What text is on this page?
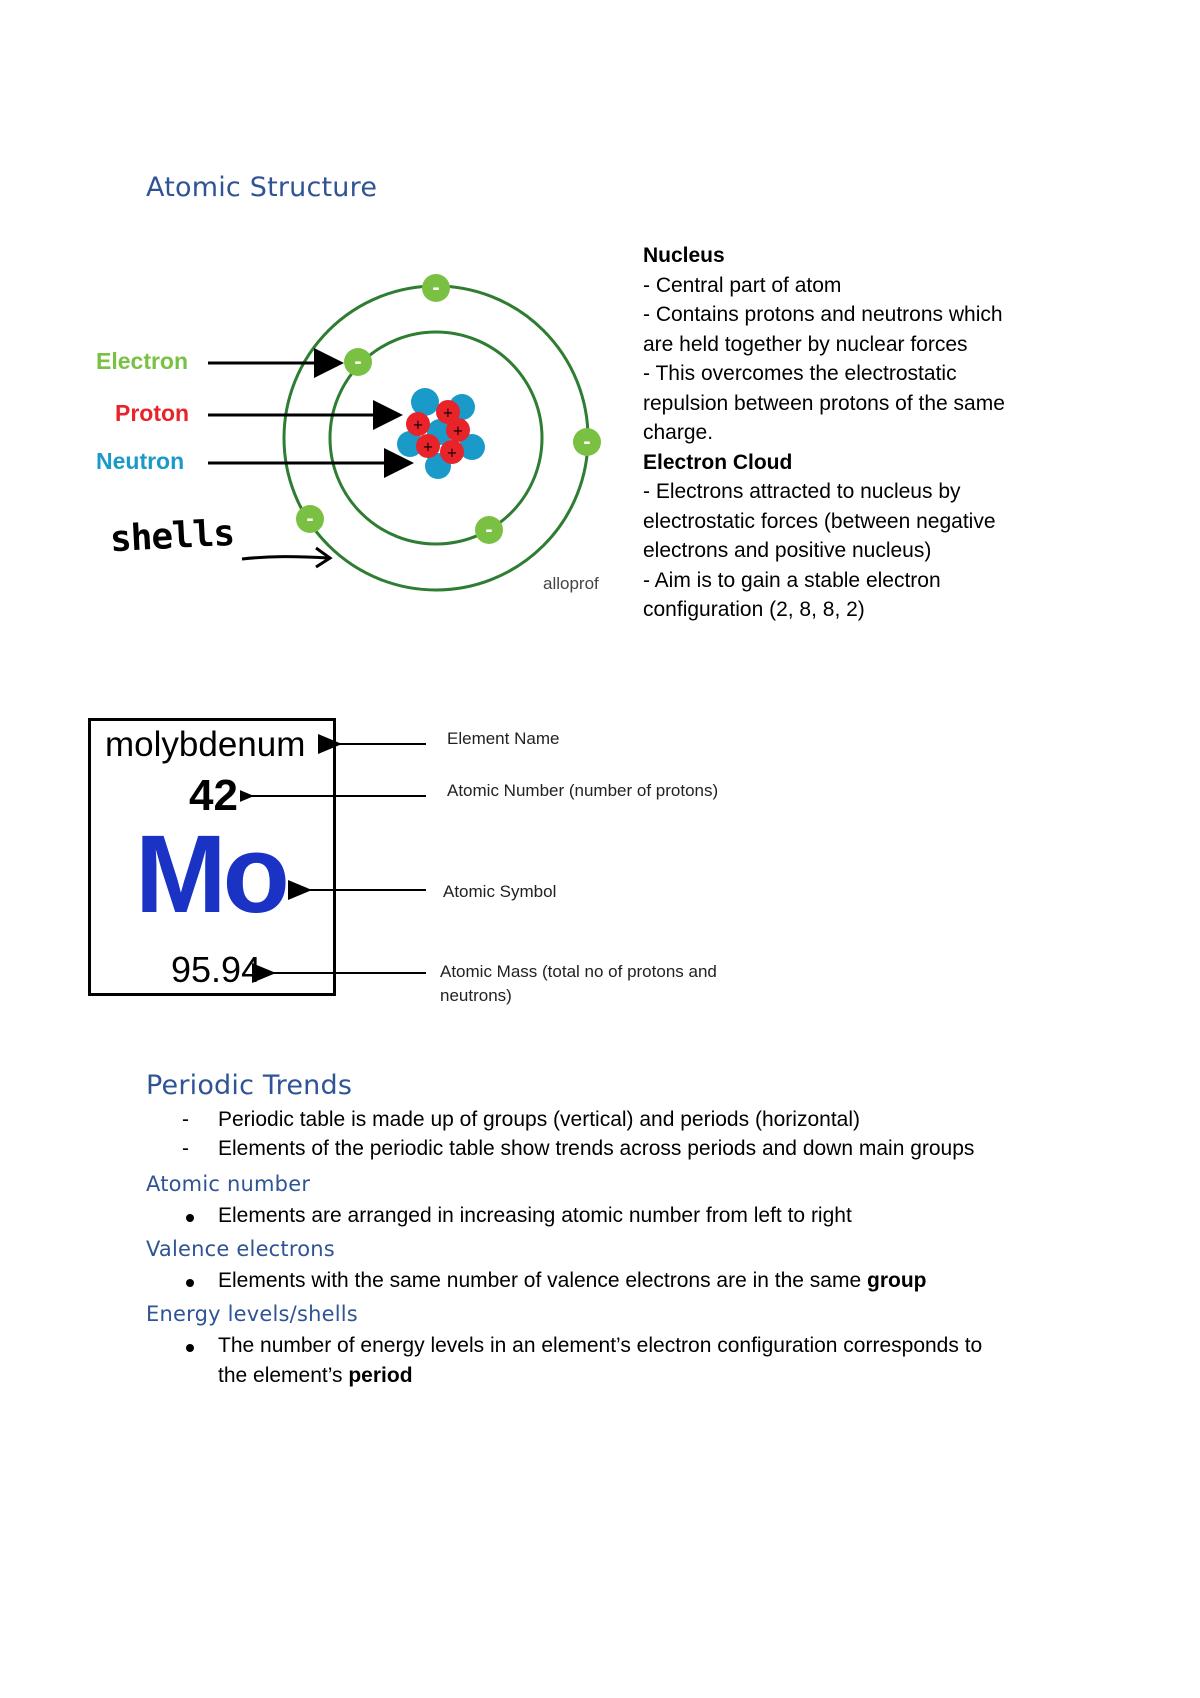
Atomic Structure
+
+
+
+ +
-
-
-
-
-
Electron
Proton
Neutron
shells
alloprof
Nucleus
- Central part of atom
- Contains protons and neutrons which
are held together by nuclear forces
- This overcomes the electrostatic
repulsion between protons of the same
charge.
Electron Cloud
- Electrons attracted to nucleus by
electrostatic forces (between negative
electrons and positive nucleus)
- Aim is to gain a stable electron
configuration (2, 8, 8, 2)
molybdenum
42
Mo
95.94
Element Name
Atomic Number (number of protons)
Atomic Symbol
Atomic Mass (total no of protons and
neutrons)
Periodic Trends
-	Periodic table is made up of groups (vertical) and periods (horizontal)
-	Elements of the periodic table show trends across periods and down main groups
Atomic number
Elements are arranged in increasing atomic number from left to right
Valence electrons
Elements with the same number of valence electrons are in the same group
Energy levels/shells
The number of energy levels in an element’s electron configuration corresponds to
the element’s period
